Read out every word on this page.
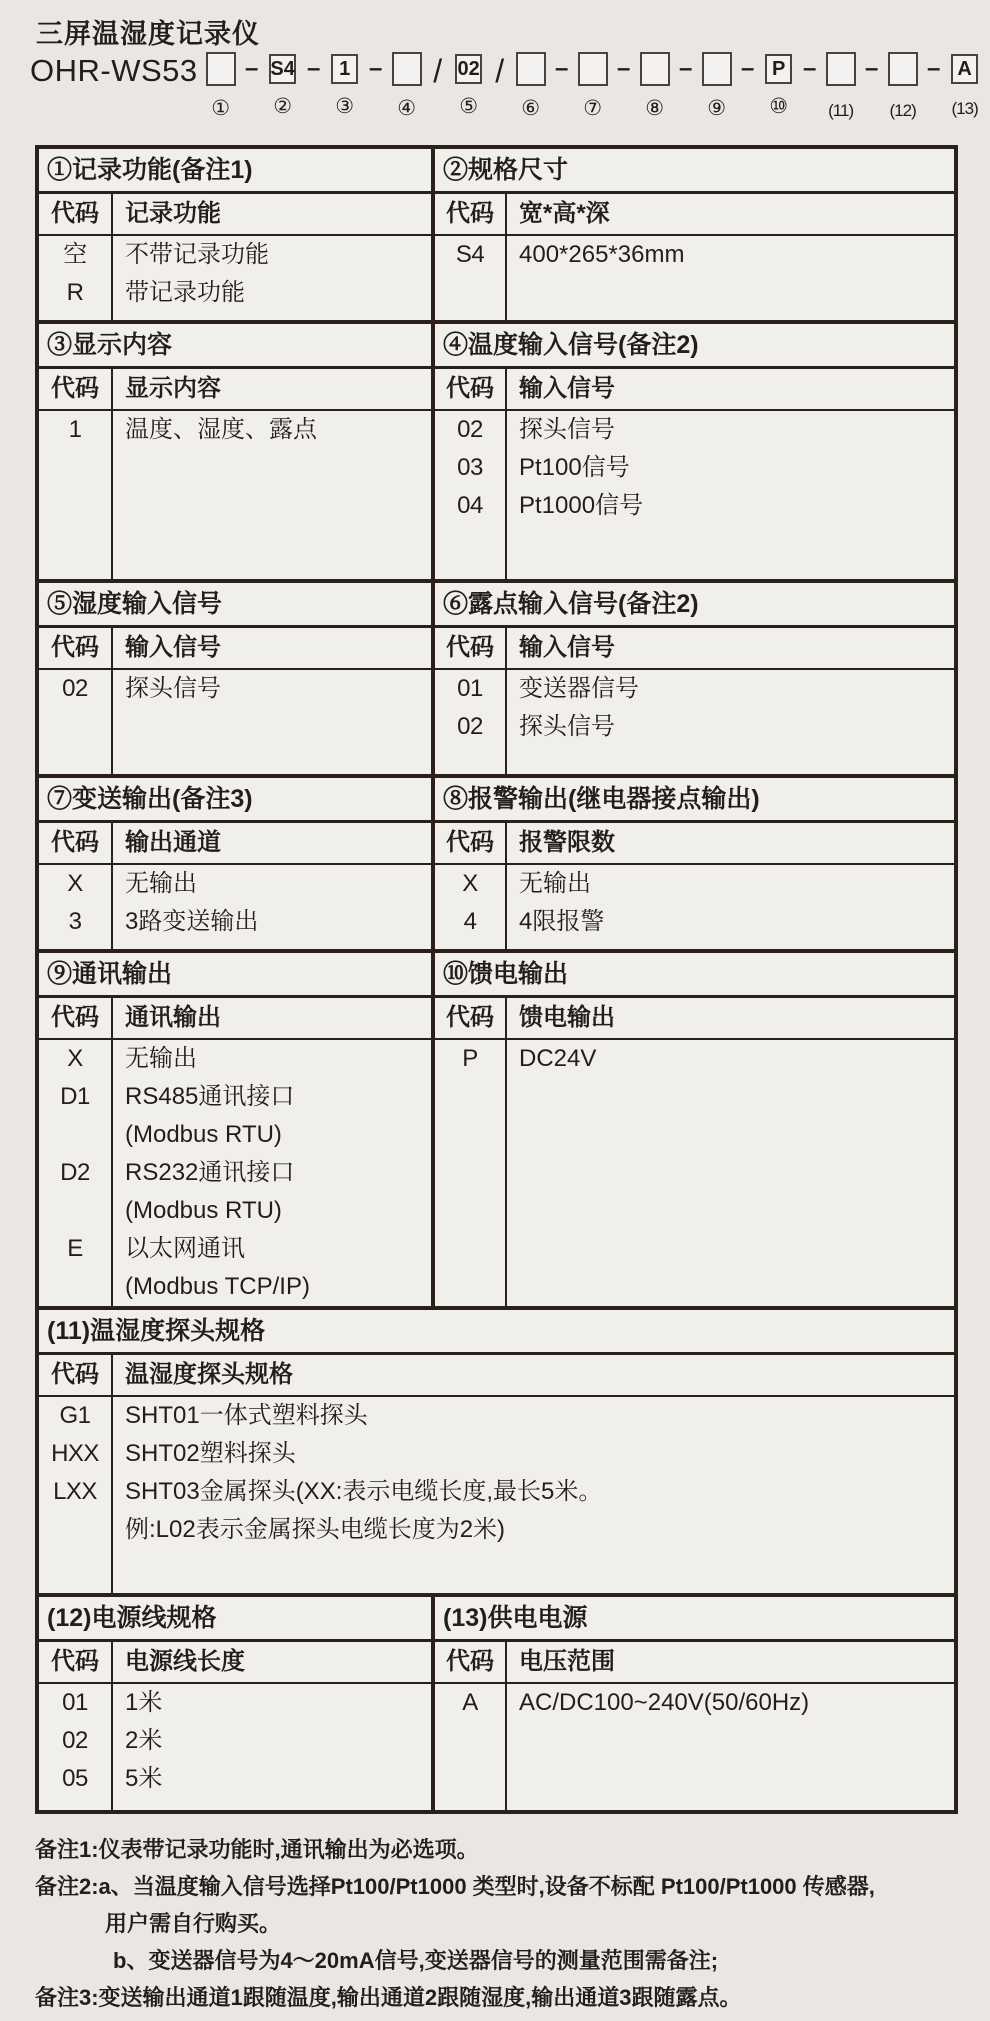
三屏温湿度记录仪
OHR-WS53
①
– S4
②
– 1
③
–
④
/ 02
⑤
/
⑥
–
⑦
–
⑧
–
⑨
– P
⑩
–
(11)
–
(12)
– A
(13)
①记录功能(备注1)
代码	记录功能
空	不带记录功能
R	带记录功能
②规格尺寸
代码	宽*高*深
S4	400*265*36mm
③显示内容
代码	显示内容
1	温度、湿度、露点
④温度输入信号(备注2)
代码	输入信号
02	探头信号
03	Pt100信号
04	Pt1000信号
⑤湿度输入信号
代码	输入信号
02	探头信号
⑥露点输入信号(备注2)
代码	输入信号
01	变送器信号
02	探头信号
⑦变送输出(备注3)
代码	输出通道
X	无输出
3	3路变送输出
⑧报警输出(继电器接点输出)
代码	报警限数
X	无输出
4	4限报警
⑨通讯输出
代码	通讯输出
X	无输出
D1	RS485通讯接口
(Modbus RTU)
D2	RS232通讯接口
(Modbus RTU)
E	以太网通讯
(Modbus TCP/IP)
⑩馈电输出
代码	馈电输出
P	DC24V
(11)温湿度探头规格
代码	温湿度探头规格
G1	SHT01一体式塑料探头
HXX	SHT02塑料探头
LXX	SHT03金属探头(XX:表示电缆长度,最长5米。
例:L02表示金属探头电缆长度为2米)
(12)电源线规格
代码	电源线长度
01	1米
02	2米
05	5米
(13)供电电源
代码	电压范围
A	AC/DC100~240V(50/60Hz)
备注1:仪表带记录功能时,通讯输出为必选项。
备注2:a、当温度输入信号选择Pt100/Pt1000 类型时,设备不标配 Pt100/Pt1000 传感器,
用户需自行购买。
b、变送器信号为4～20mA信号,变送器信号的测量范围需备注;
备注3:变送输出通道1跟随温度,输出通道2跟随湿度,输出通道3跟随露点。
